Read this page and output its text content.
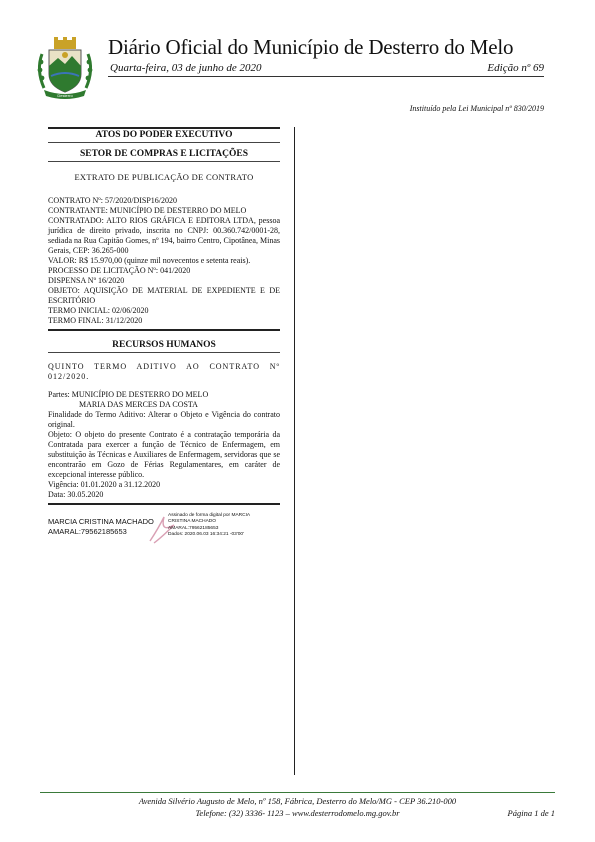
Desterro
Diário Oficial do Município de Desterro do Melo
Quarta-feira, 03 de junho de 2020	Edição nº 69
Instituído pela Lei Municipal nº 830/2019
ATOS DO PODER EXECUTIVO
SETOR DE COMPRAS E LICITAÇÕES
EXTRATO DE PUBLICAÇÃO DE CONTRATO

CONTRATO Nº: 57/2020/DISP16/2020

CONTRATANTE: MUNICÍPIO DE DESTERRO DO MELO

CONTRATADO: ALTO RIOS GRÁFICA E EDITORA LTDA, pessoa jurídica de direito privado, inscrita no CNPJ: 00.360.742/0001-28, sediada na Rua Capitão Gomes, nº 194, bairro Centro, Cipotânea, Minas Gerais, CEP: 36.265-000

VALOR: R$ 15.970,00 (quinze mil novecentos e setenta reais).

PROCESSO DE LICITAÇÃO Nº: 041/2020

DISPENSA Nº 16/2020

OBJETO: AQUISIÇÃO DE MATERIAL DE EXPEDIENTE E DE ESCRITÓRIO

TERMO INICIAL: 02/06/2020

TERMO FINAL: 31/12/2020

RECURSOS HUMANOS

QUINTO TERMO ADITIVO AO CONTRATO Nº 012/2020.

Partes: MUNICÍPIO DE DESTERRO DO MELO

MARIA DAS MERCES DA COSTA

Finalidade do Termo Aditivo: Alterar o Objeto e Vigência do contrato original.

Objeto: O objeto do presente Contrato é a contratação temporária da Contratada para exercer a função de Técnico de Enfermagem, em substituição às Técnicas e Auxiliares de Enfermagem, servidoras que se encontrarão em Gozo de Férias Regulamentares, em caráter de excepcional interesse público.

Vigência: 01.01.2020 a 31.12.2020

Data: 30.05.2020

MARCIA CRISTINA MACHADO
AMARAL:79562185653
Assinado de forma digital por MARCIA
CRISTINA MACHADO
AMARAL:79562185653
Dados: 2020.06.03 16:34:21 -03'00'
Avenida Silvério Augusto de Melo, nº 158, Fábrica, Desterro do Melo/MG - CEP 36.210-000
Telefone: (32) 3336- 1123 – www.desterrodomelo.mg.gov.br	Página 1 de 1
